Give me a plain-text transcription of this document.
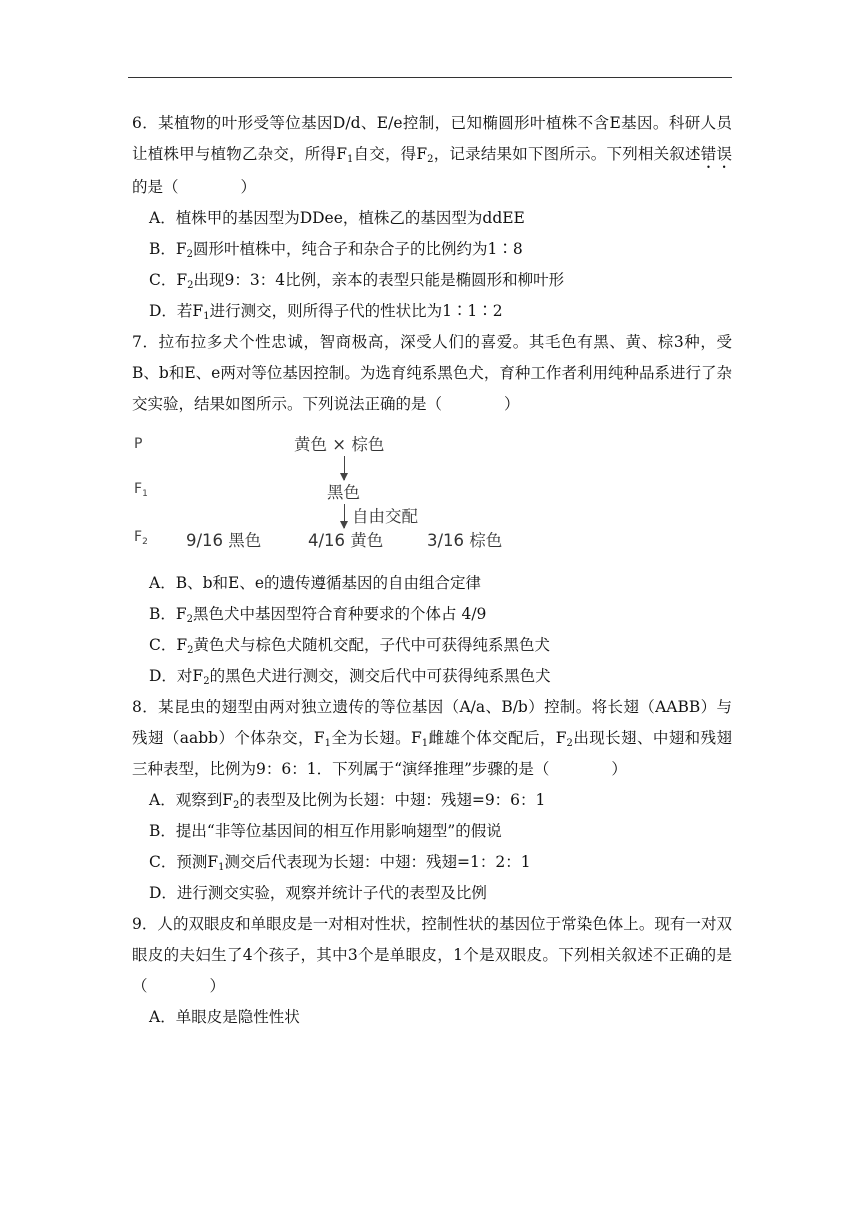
6．某植物的叶形受等位基因D/d、E/e控制，已知椭圆形叶植株不含E基因。科研人员让植株甲与植物乙杂交，所得$F_1$自交，得$F_2$，记录结果如下图所示。下列相关叙述错误的是（　　　　）

A．植株甲的基因型为DDee，植株乙的基因型为ddEE

B．$F_2$圆形叶植株中，纯合子和杂合子的比例约为1∶8

C．$F_2$出现9：3：4比例，亲本的表型只能是椭圆形和柳叶形

D．若$F_1$进行测交，则所得子代的性状比为1∶1∶2

7．拉布拉多犬个性忠诚，智商极高，深受人们的喜爱。其毛色有黑、黄、棕3种，受B、b和E、e两对等位基因控制。为选育纯系黑色犬，育种工作者利用纯种品系进行了杂交实验，结果如图所示。下列说法正确的是（　　　　）

P
$F_1$
$F_2$
黄色 × 棕色
黑色
自由交配
9/16 黑色	4/16 黄色	3/16 棕色

A．B、b和E、e的遗传遵循基因的自由组合定律

B．$F_2$黑色犬中基因型符合育种要求的个体占 4/9

C．$F_2$黄色犬与棕色犬随机交配，子代中可获得纯系黑色犬

D．对$F_2$的黑色犬进行测交，测交后代中可获得纯系黑色犬

8．某昆虫的翅型由两对独立遗传的等位基因（A/a、B/b）控制。将长翅（AABB）与残翅（aabb）个体杂交，$F_1$全为长翅。$F_1$雌雄个体交配后，$F_2$出现长翅、中翅和残翅三种表型，比例为9：6：1．下列属于“演绎推理”步骤的是（　　　　）

A．观察到$F_2$的表型及比例为长翅：中翅：残翅=9：6：1

B．提出“非等位基因间的相互作用影响翅型”的假说

C．预测$F_1$测交后代表现为长翅：中翅：残翅=1：2：1

D．进行测交实验，观察并统计子代的表型及比例

9．人的双眼皮和单眼皮是一对相对性状，控制性状的基因位于常染色体上。现有一对双眼皮的夫妇生了4个孩子，其中3个是单眼皮，1个是双眼皮。下列相关叙述不正确的是（　　　　）

A．单眼皮是隐性性状
